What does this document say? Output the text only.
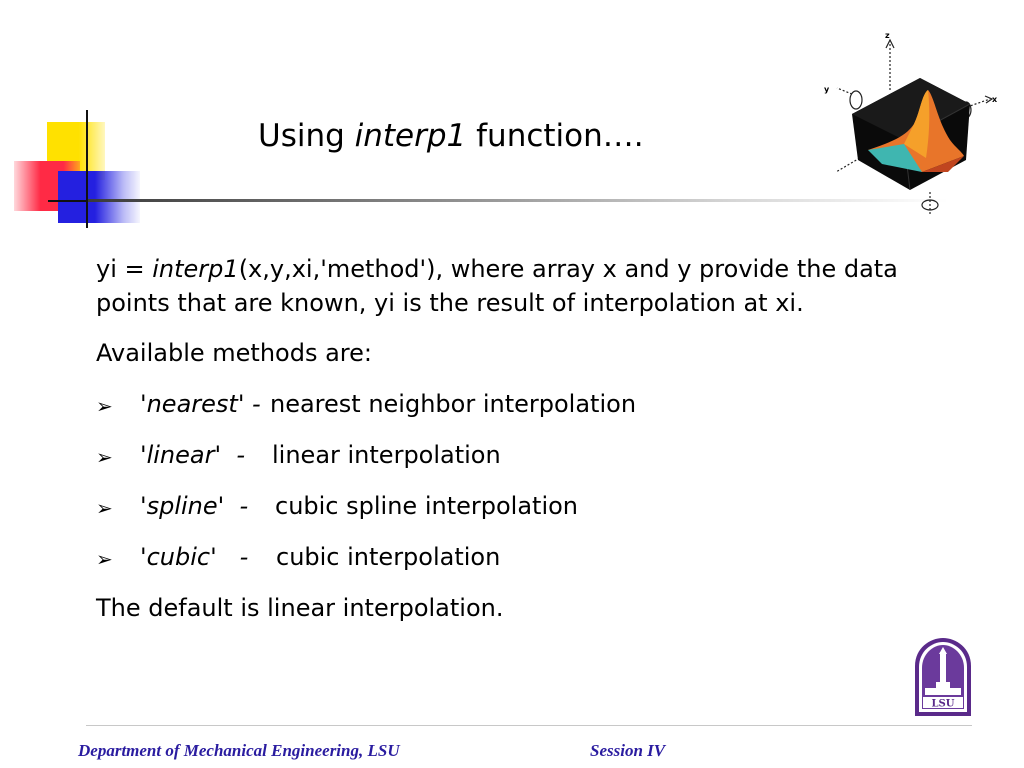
Using interp1 function….
z
y
x

yi = interp1(x,y,xi,'method'), where array x and y provide the data points that are known, yi is the result of interpolation at xi.

Available methods are:

➢ 'nearest' - nearest neighbor interpolation
➢ 'linear'  - linear interpolation
➢ 'spline'  - cubic spline interpolation
➢ 'cubic'   - cubic interpolation

The default is linear interpolation.

LSU
Department of Mechanical Engineering, LSU	Session IV
